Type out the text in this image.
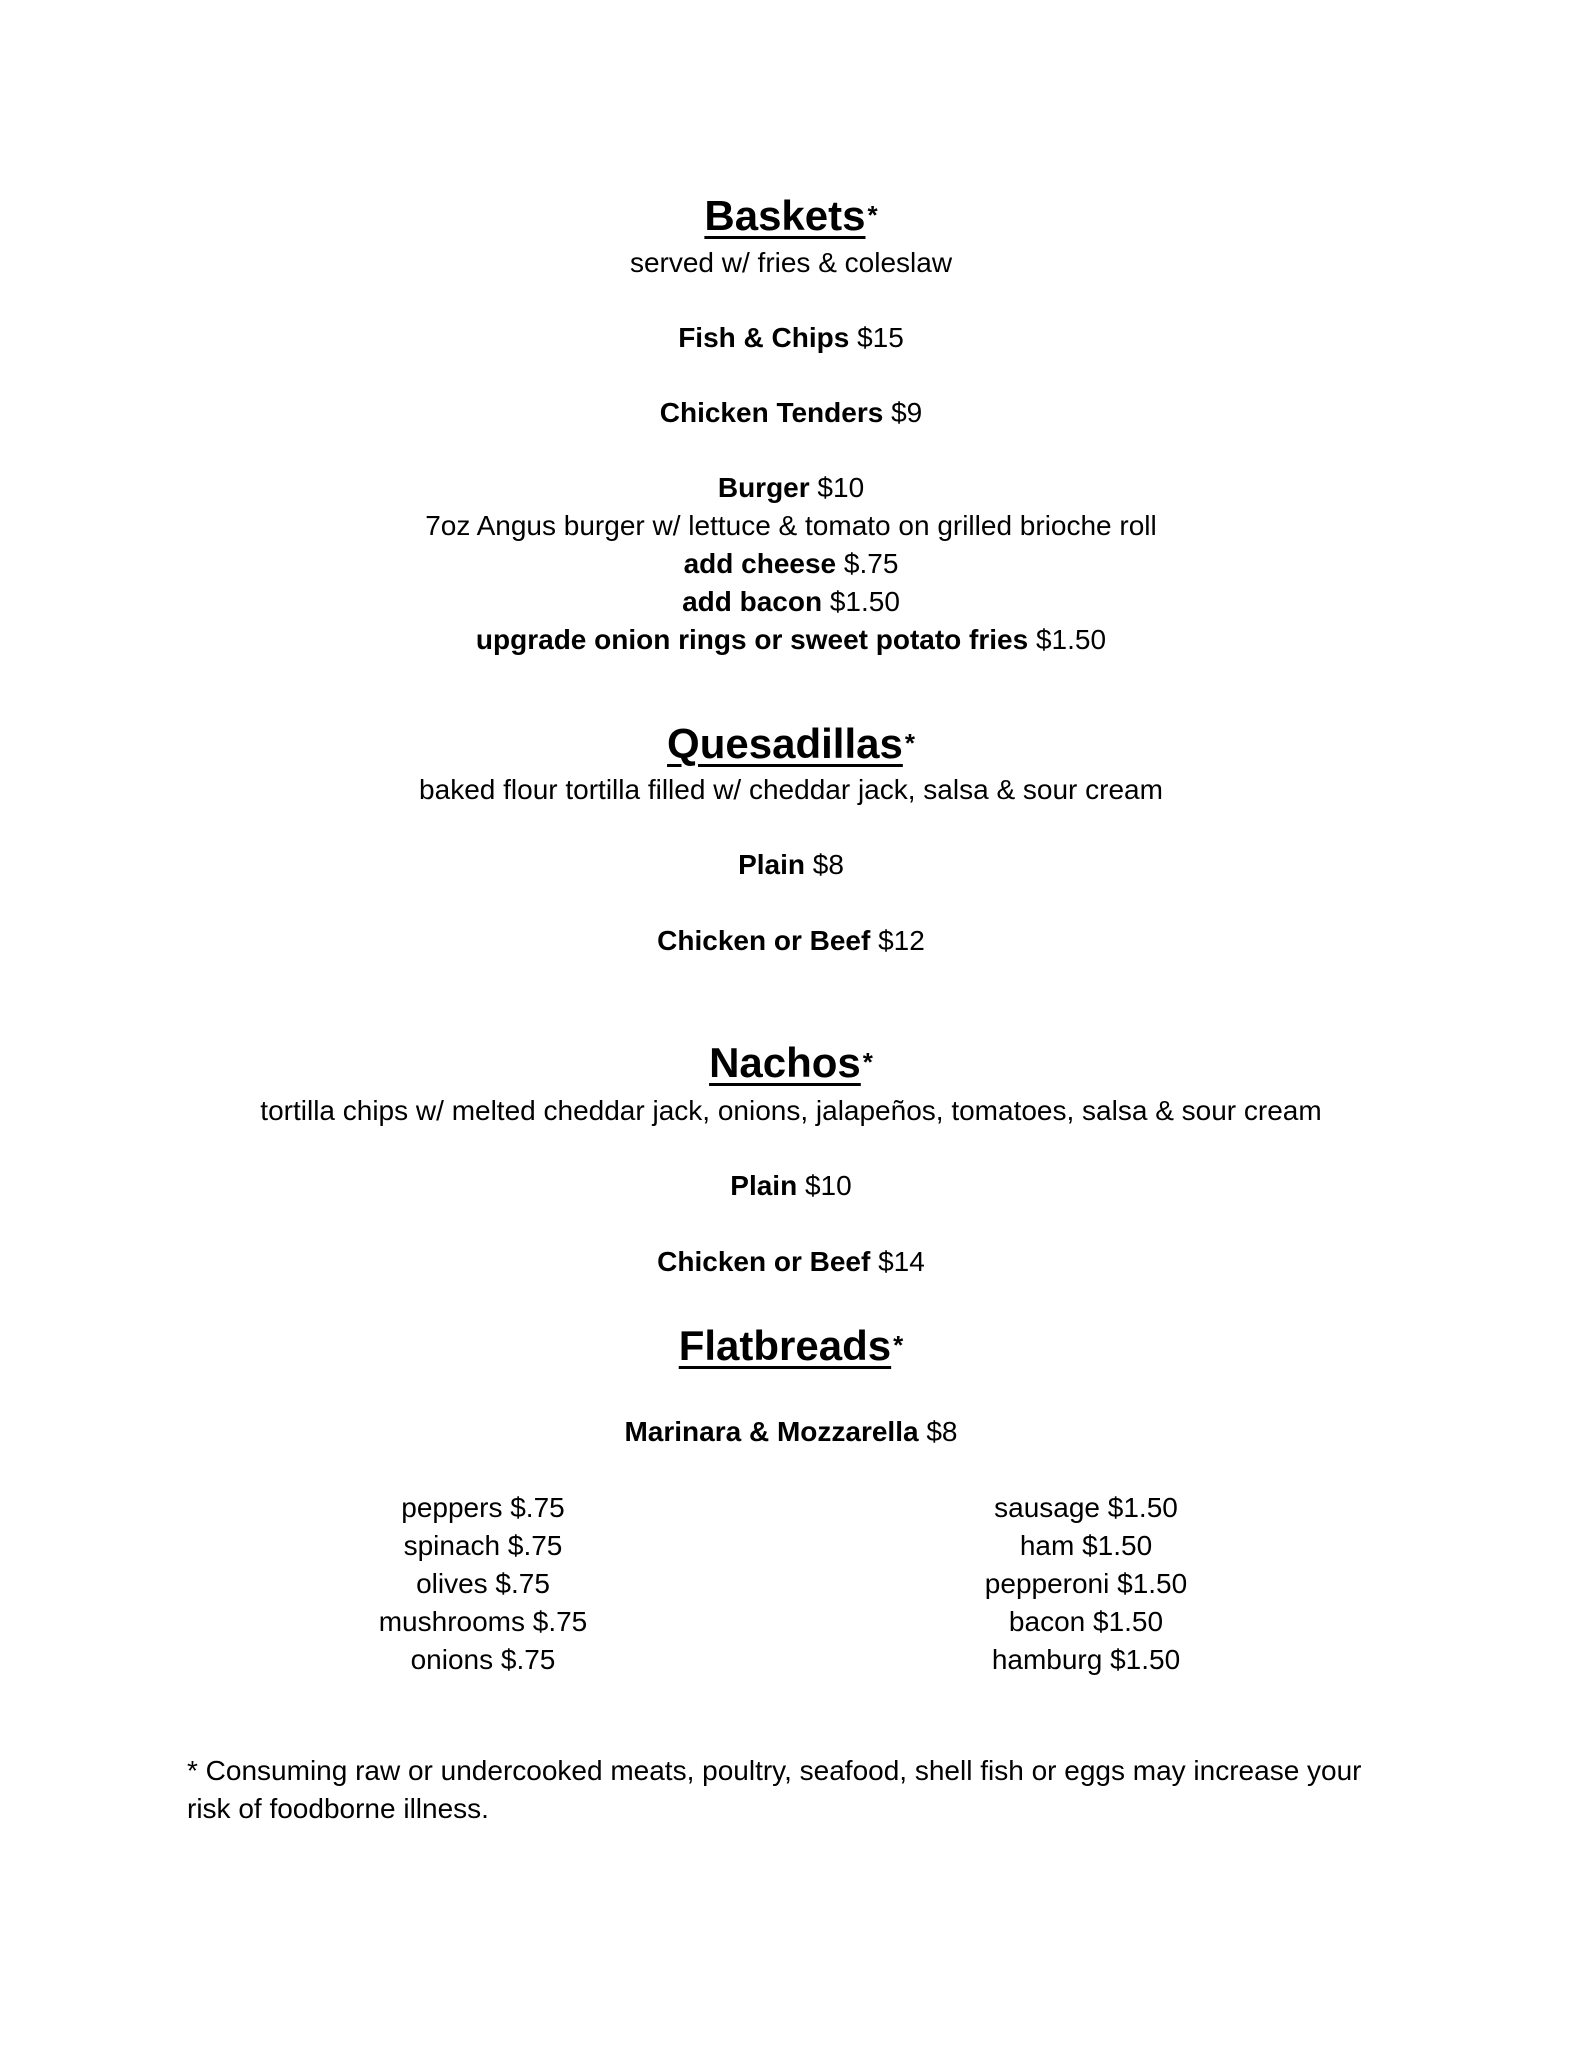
Baskets*
served w/ fries & coleslaw
Fish & Chips $15
Chicken Tenders $9
Burger $10
7oz Angus burger w/ lettuce & tomato on grilled brioche roll
add cheese $.75
add bacon $1.50
upgrade onion rings or sweet potato fries $1.50
Quesadillas*
baked flour tortilla filled w/ cheddar jack, salsa & sour cream
Plain $8
Chicken or Beef $12
Nachos*
tortilla chips w/ melted cheddar jack, onions, jalapeños, tomatoes, salsa & sour cream
Plain $10
Chicken or Beef $14
Flatbreads*
Marinara & Mozzarella $8
peppers $.75
spinach $.75
olives $.75
mushrooms $.75
onions $.75
sausage $1.50
ham $1.50
pepperoni $1.50
bacon $1.50
hamburg $1.50
* Consuming raw or undercooked meats, poultry, seafood, shell fish or eggs may increase your
risk of foodborne illness.
